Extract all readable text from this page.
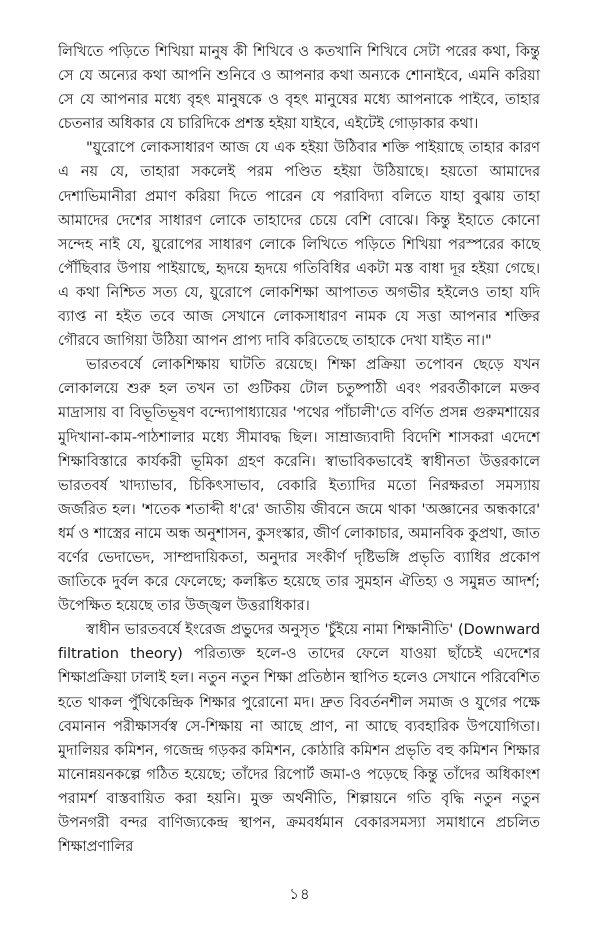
লিখিতে পড়িতে শিখিয়া মানুষ কী শিখিবে ও কতখানি শিখিবে সেটা পরের কথা, কিন্তু সে যে অন্যের কথা আপনি শুনিবে ও আপনার কথা অন্যকে শোনাইবে, এমনি করিয়া সে যে আপনার মধ্যে বৃহৎ মানুষকে ও বৃহৎ মানুষের মধ্যে আপনাকে পাইবে, তাহার চেতনার অধিকার যে চারিদিকে প্রশস্ত হইয়া যাইবে, এইটেই গোড়াকার কথা।

"য়ুরোপে লোকসাধারণ আজ যে এক হইয়া উঠিবার শক্তি পাইয়াছে তাহার কারণ এ নয় যে, তাহারা সকলেই পরম পণ্ডিত হইয়া উঠিয়াছে। হয়তো আমাদের দেশাভিমানীরা প্রমাণ করিয়া দিতে পারেন যে পরাবিদ্যা বলিতে যাহা বুঝায় তাহা আমাদের দেশের সাধারণ লোকে তাহাদের চেয়ে বেশি বোঝে। কিন্তু ইহাতে কোনো সন্দেহ নাই যে, য়ুরোপের সাধারণ লোকে লিখিতে পড়িতে শিখিয়া পরস্পরের কাছে পৌঁছিবার উপায় পাইয়াছে, হৃদয়ে হৃদয়ে গতিবিধির একটা মস্ত বাধা দূর হইয়া গেছে। এ কথা নিশ্চিত সত্য যে, য়ুরোপে লোকশিক্ষা আপাতত অগভীর হইলেও তাহা যদি ব্যাপ্ত না হইত তবে আজ সেখানে লোকসাধারণ নামক যে সত্তা আপনার শক্তির গৌরবে জাগিয়া উঠিয়া আপন প্রাপ্য দাবি করিতেছে তাহাকে দেখা যাইত না।"

ভারতবর্ষে লোকশিক্ষায় ঘাটতি রয়েছে। শিক্ষা প্রক্রিয়া তপোবন ছেড়ে যখন লোকালয়ে শুরু হল তখন তা গুটিকয় টোল চতুষ্পাঠী এবং পরবর্তীকালে মক্তব মাদ্রাসায় বা বিভূতিভূষণ বন্দ্যোপাধ্যায়ের 'পথের পাঁচালী'তে বর্ণিত প্রসন্ন গুরুমশায়ের মুদিখানা-কাম-পাঠশালার মধ্যে সীমাবদ্ধ ছিল। সাম্রাজ্যবাদী বিদেশি শাসকরা এদেশে শিক্ষাবিস্তারে কার্যকরী ভূমিকা গ্রহণ করেনি। স্বাভাবিকভাবেই স্বাধীনতা উত্তরকালে ভারতবর্ষ খাদ্যাভাব, চিকিৎসাভাব, বেকারি ইত্যাদির মতো নিরক্ষরতা সমস্যায় জর্জরিত হল। 'শতেক শতাব্দী ধ'রে' জাতীয় জীবনে জমে থাকা 'অজ্ঞানের অন্ধকারে' ধর্ম ও শাস্ত্রের নামে অন্ধ অনুশাসন, কুসংস্কার, জীর্ণ লোকাচার, অমানবিক কুপ্রথা, জাত বর্ণের ভেদাভেদ, সাম্প্রদায়িকতা, অনুদার সংকীর্ণ দৃষ্টিভঙ্গি প্রভৃতি ব্যাধির প্রকোপ জাতিকে দুর্বল করে ফেলেছে; কলঙ্কিত হয়েছে তার সুমহান ঐতিহ্য ও সমুন্নত আদর্শ; উপেক্ষিত হয়েছে তার উজ্জ্বল উত্তরাধিকার।

স্বাধীন ভারতবর্ষে ইংরেজ প্রভুদের অনুসৃত 'চুঁইয়ে নামা শিক্ষানীতি' (Downward filtration theory) পরিত্যক্ত হলে-ও তাদের ফেলে যাওয়া ছাঁচেই এদেশের শিক্ষাপ্রক্রিয়া ঢালাই হল। নতুন নতুন শিক্ষা প্রতিষ্ঠান স্থাপিত হলেও সেখানে পরিবেশিত হতে থাকল পুঁথিকেন্দ্রিক শিক্ষার পুরোনো মদ। দ্রুত বিবর্তনশীল সমাজ ও যুগের পক্ষে বেমানান পরীক্ষাসর্বস্ব সে-শিক্ষায় না আছে প্রাণ, না আছে ব্যবহারিক উপযোগিতা। মুদালিয়র কমিশন, গজেন্দ্র গড়কর কমিশন, কোঠারি কমিশন প্রভৃতি বহু কমিশন শিক্ষার মানোন্নয়নকল্পে গঠিত হয়েছে; তাঁদের রিপোর্ট জমা-ও পড়েছে কিন্তু তাঁদের অধিকাংশ পরামর্শ বাস্তবায়িত করা হয়নি। মুক্ত অর্থনীতি, শিল্পায়নে গতি বৃদ্ধি নতুন নতুন উপনগরী বন্দর বাণিজ্যকেন্দ্র স্থাপন, ক্রমবর্ধমান বেকারসমস্যা সমাধানে প্রচলিত শিক্ষাপ্রণালির

১৪
